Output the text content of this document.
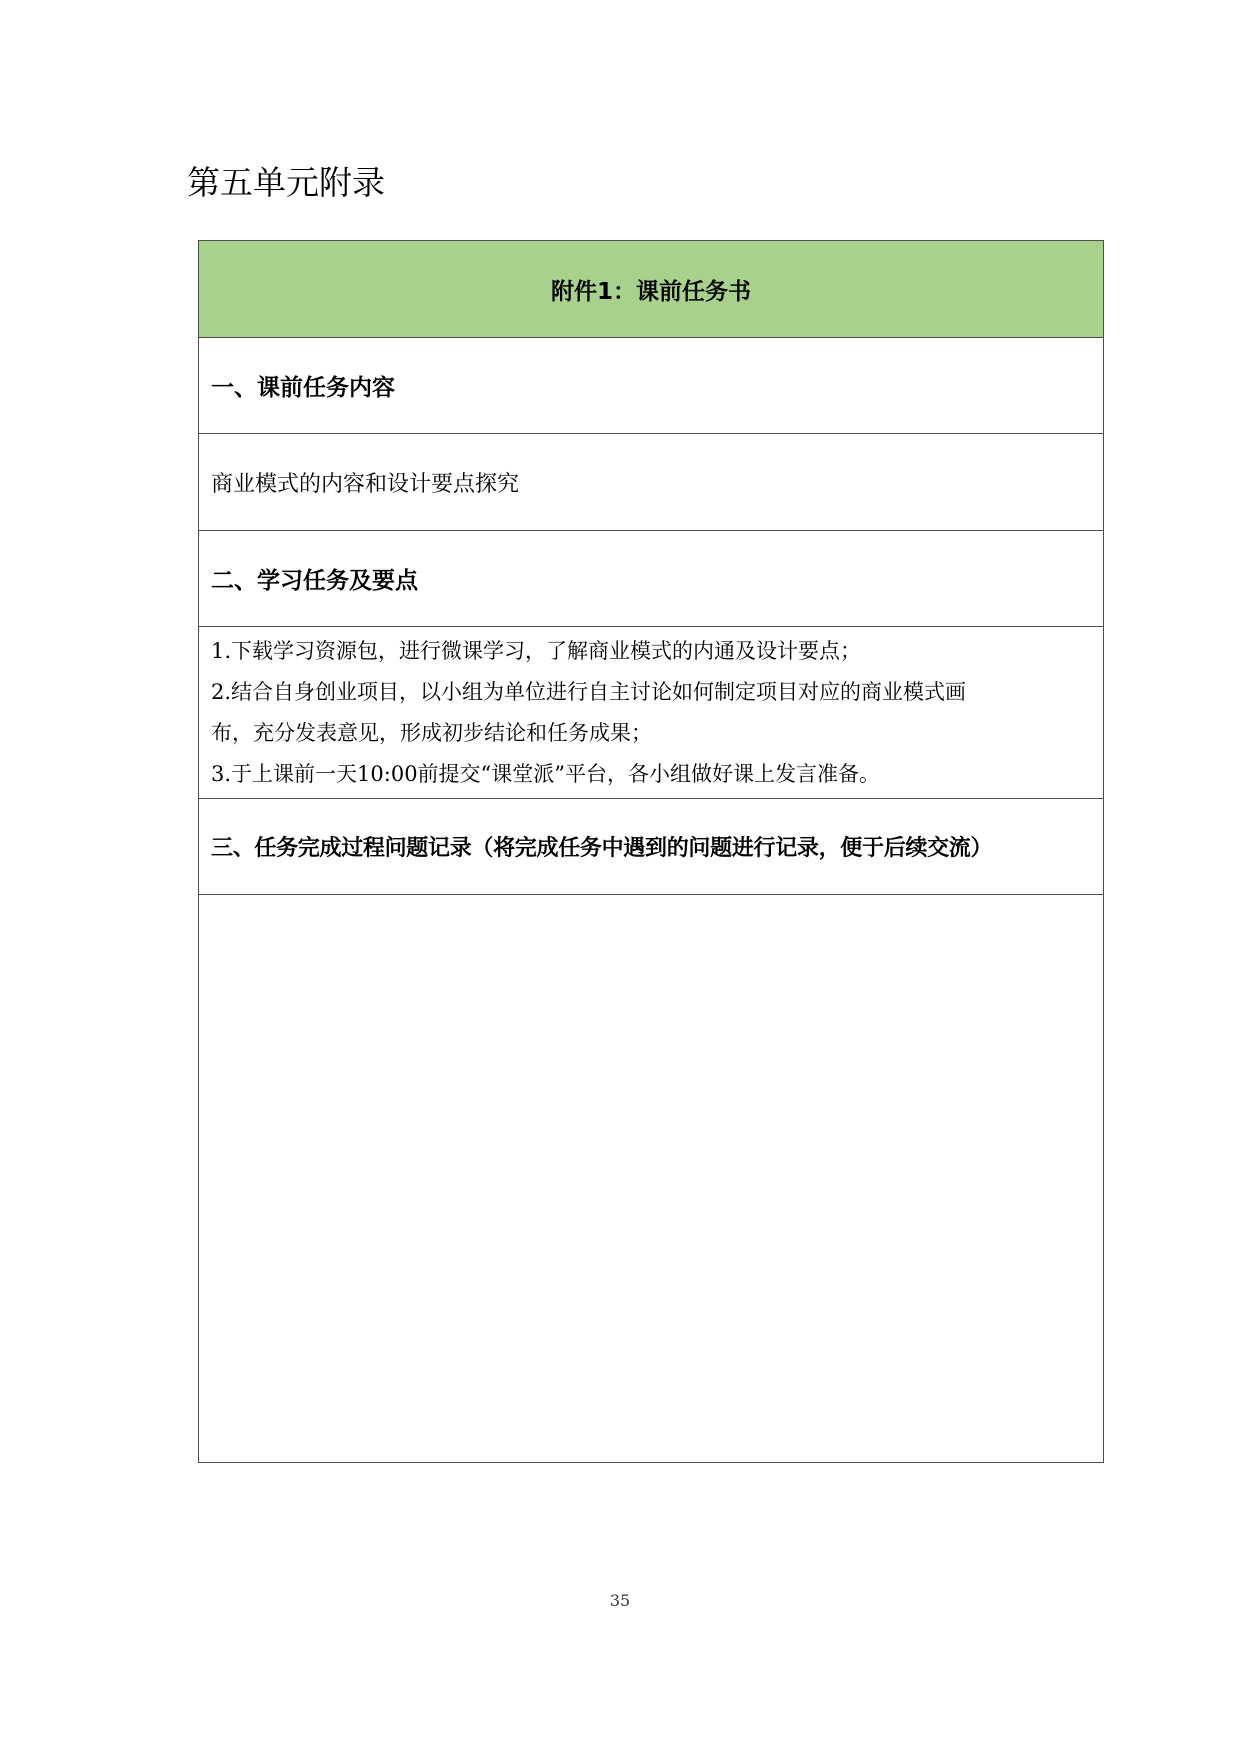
第五单元附录
附件1：课前任务书
一、课前任务内容
商业模式的内容和设计要点探究
二、学习任务及要点

1.下载学习资源包，进行微课学习，了解商业模式的内通及设计要点；
2.结合自身创业项目，以小组为单位进行自主讨论如何制定项目对应的商业模式画
布，充分发表意见，形成初步结论和任务成果；
3.于上课前一天10:00前提交“课堂派”平台，各小组做好课上发言准备。

三、任务完成过程问题记录（将完成任务中遇到的问题进行记录，便于后续交流）

35
